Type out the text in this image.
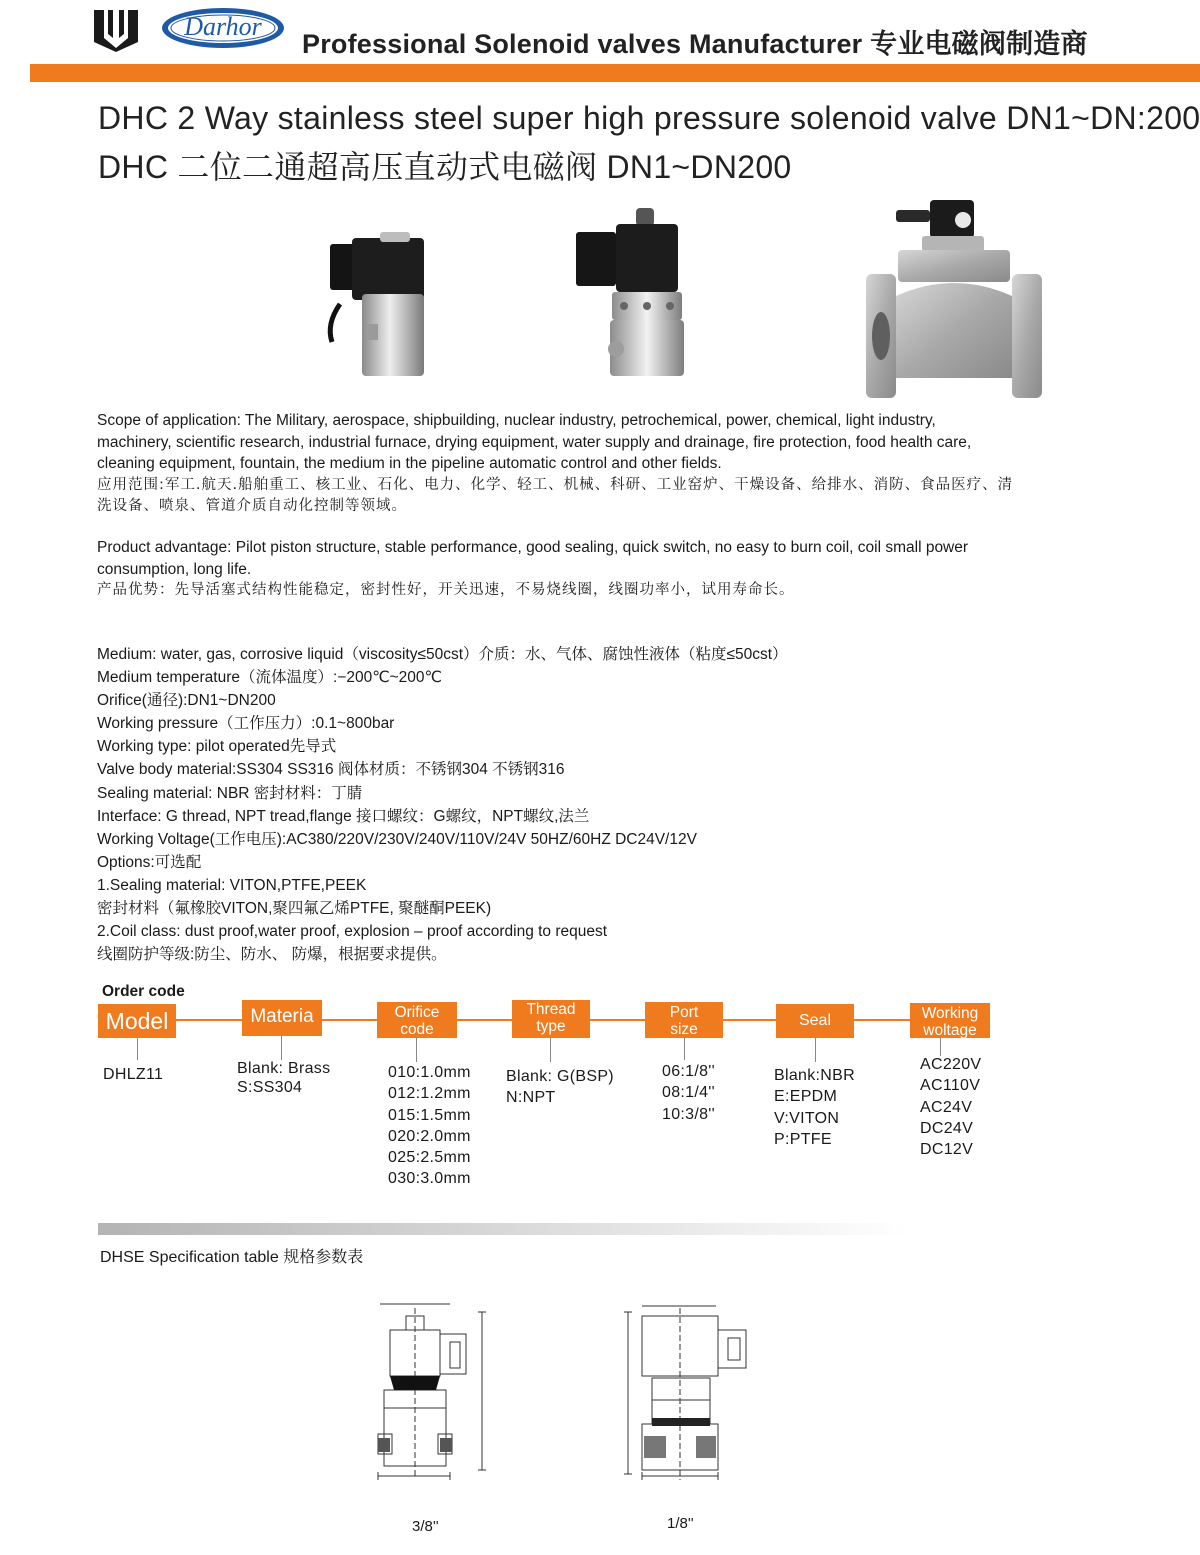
Darhor
Professional Solenoid valves Manufacturer 专业电磁阀制造商
DHC 2 Way stainless steel super high pressure solenoid valve DN1~DN:200
DHC 二位二通超高压直动式电磁阀 DN1~DN200

Scope of application: The Military, aerospace, shipbuilding, nuclear industry, petrochemical, power, chemical, light industry,

machinery, scientific research, industrial furnace, drying equipment, water supply and drainage, fire protection, food health care,

cleaning equipment, fountain, the medium in the pipeline automatic control and other fields.

应用范围:军工.航天.船舶重工、核工业、石化、电力、化学、轻工、机械、科研、工业窑炉、干燥设备、给排水、消防、食品医疗、清

洗设备、喷泉、管道介质自动化控制等领域。

Product advantage: Pilot piston structure, stable performance, good sealing, quick switch, no easy to burn coil, coil small power

consumption, long life.

产品优势：先导活塞式结构性能稳定，密封性好，开关迅速，不易烧线圈，线圈功率小，试用寿命长。

Medium: water, gas, corrosive liquid（viscosity≤50cst）介质：水、气体、腐蚀性液体（粘度≤50cst）
Medium temperature（流体温度）:−200℃~200℃
Orifice(通径):DN1~DN200
Working pressure（工作压力）:0.1~800bar
Working type: pilot operated先导式
Valve body material:SS304 SS316 阀体材质：不锈钢304 不锈钢316
Sealing material: NBR 密封材料：丁腈
Interface: G thread, NPT tread,flange 接口螺纹：G螺纹，NPT螺纹,法兰
Working Voltage(工作电压):AC380/220V/230V/240V/110V/24V 50HZ/60HZ DC24V/12V
Options:可选配
1.Sealing material: VITON,PTFE,PEEK
密封材料（氟橡胶VITON,聚四氟乙烯PTFE, 聚醚酮PEEK)
2.Coil class: dust proof,water proof, explosion – proof according to request
线圈防护等级:防尘、防水、 防爆，根据要求提供。
Order code
Model
DHLZ11
Materia
Blank: Brass
S:SS304
Orifice
code
010:1.0mm
012:1.2mm
015:1.5mm
020:2.0mm
025:2.5mm
030:3.0mm
Thread
type
Blank: G(BSP)
N:NPT
Port
size
06:1/8''
08:1/4''
10:3/8''
Seal
Blank:NBR
E:EPDM
V:VITON
P:PTFE
Working
woltage
AC220V
AC110V
AC24V
DC24V
DC12V
DHSE Specification table 规格参数表
3/8''	1/8''
